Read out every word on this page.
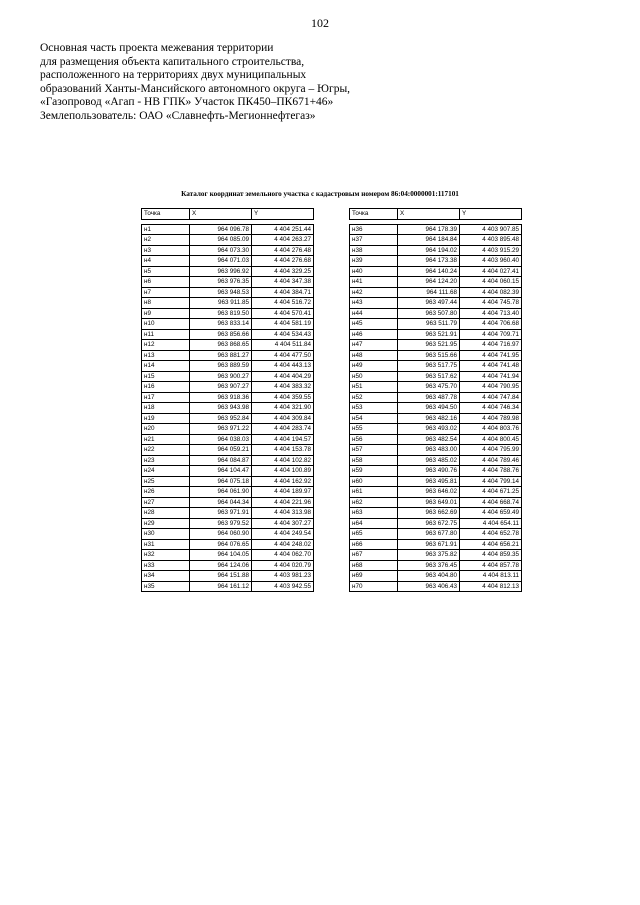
102
Основная часть проекта межевания территории
для размещения объекта капитального строительства,
расположенного на территориях двух муниципальных
образований Ханты-Мансийского автономного округа – Югры,
«Газопровод «Агап - НВ ГПК» Участок ПК450–ПК671+46»
Землепользователь: ОАО «Славнефть-Мегионнефтегаз»
Каталог координат земельного участка с кадастровым номером 86:04:0000001:117101
Точка	X	Y

н1	964 096.78	4 404 251.44
н2	964 085.09	4 404 263.27
н3	964 073.30	4 404 276.48
н4	964 071.03	4 404 276.68
н5	963 996.92	4 404 329.25
н6	963 976.35	4 404 347.38
н7	963 948.53	4 404 384.71
н8	963 911.85	4 404 516.72
н9	963 819.50	4 404 570.41
н10	963 833.14	4 404 581.19
н11	963 856.66	4 404 534.43
н12	963 868.65	4 404 511.84
н13	963 881.27	4 404 477.50
н14	963 889.59	4 404 443.13
н15	963 900.27	4 404 404.29
н16	963 907.27	4 404 383.32
н17	963 918.36	4 404 359.55
н18	963 943.98	4 404 321.90
н19	963 952.84	4 404 309.84
н20	963 971.22	4 404 283.74
н21	964 038.03	4 404 194.57
н22	964 059.21	4 404 153.78
н23	964 084.87	4 404 102.82
н24	964 104.47	4 404 100.89
н25	964 075.18	4 404 162.92
н26	964 061.90	4 404 189.97
н27	964 044.34	4 404 221.96
н28	963 971.91	4 404 313.98
н29	963 979.52	4 404 307.27
н30	964 060.90	4 404 249.54
н31	964 076.65	4 404 248.02
н32	964 104.05	4 404 062.70
н33	964 124.06	4 404 020.79
н34	964 151.88	4 403 981.23
н35	964 161.12	4 403 942.55
Точка	X	Y

н36	964 178.39	4 403 907.85
н37	964 184.84	4 403 895.48
н38	964 194.02	4 403 915.29
н39	964 173.38	4 403 960.40
н40	964 140.24	4 404 027.41
н41	964 124.20	4 404 060.15
н42	964 111.68	4 404 082.39
н43	963 497.44	4 404 745.78
н44	963 507.80	4 404 713.40
н45	963 511.79	4 404 706.68
н46	963 521.91	4 404 709.71
н47	963 521.95	4 404 716.97
н48	963 515.66	4 404 741.95
н49	963 517.75	4 404 741.48
н50	963 517.62	4 404 741.94
н51	963 475.70	4 404 790.95
н52	963 487.78	4 404 747.84
н53	963 494.50	4 404 746.34
н54	963 482.16	4 404 789.98
н55	963 493.02	4 404 803.76
н56	963 482.54	4 404 800.45
н57	963 483.00	4 404 795.99
н58	963 485.02	4 404 789.46
н59	963 490.76	4 404 788.76
н60	963 495.81	4 404 799.14
н61	963 646.02	4 404 671.25
н62	963 649.01	4 404 668.74
н63	963 662.69	4 404 659.49
н64	963 672.75	4 404 654.11
н65	963 677.80	4 404 652.78
н66	963 671.91	4 404 656.21
н67	963 375.82	4 404 859.35
н68	963 376.45	4 404 857.78
н69	963 404.80	4 404 813.11
н70	963 406.43	4 404 812.13
